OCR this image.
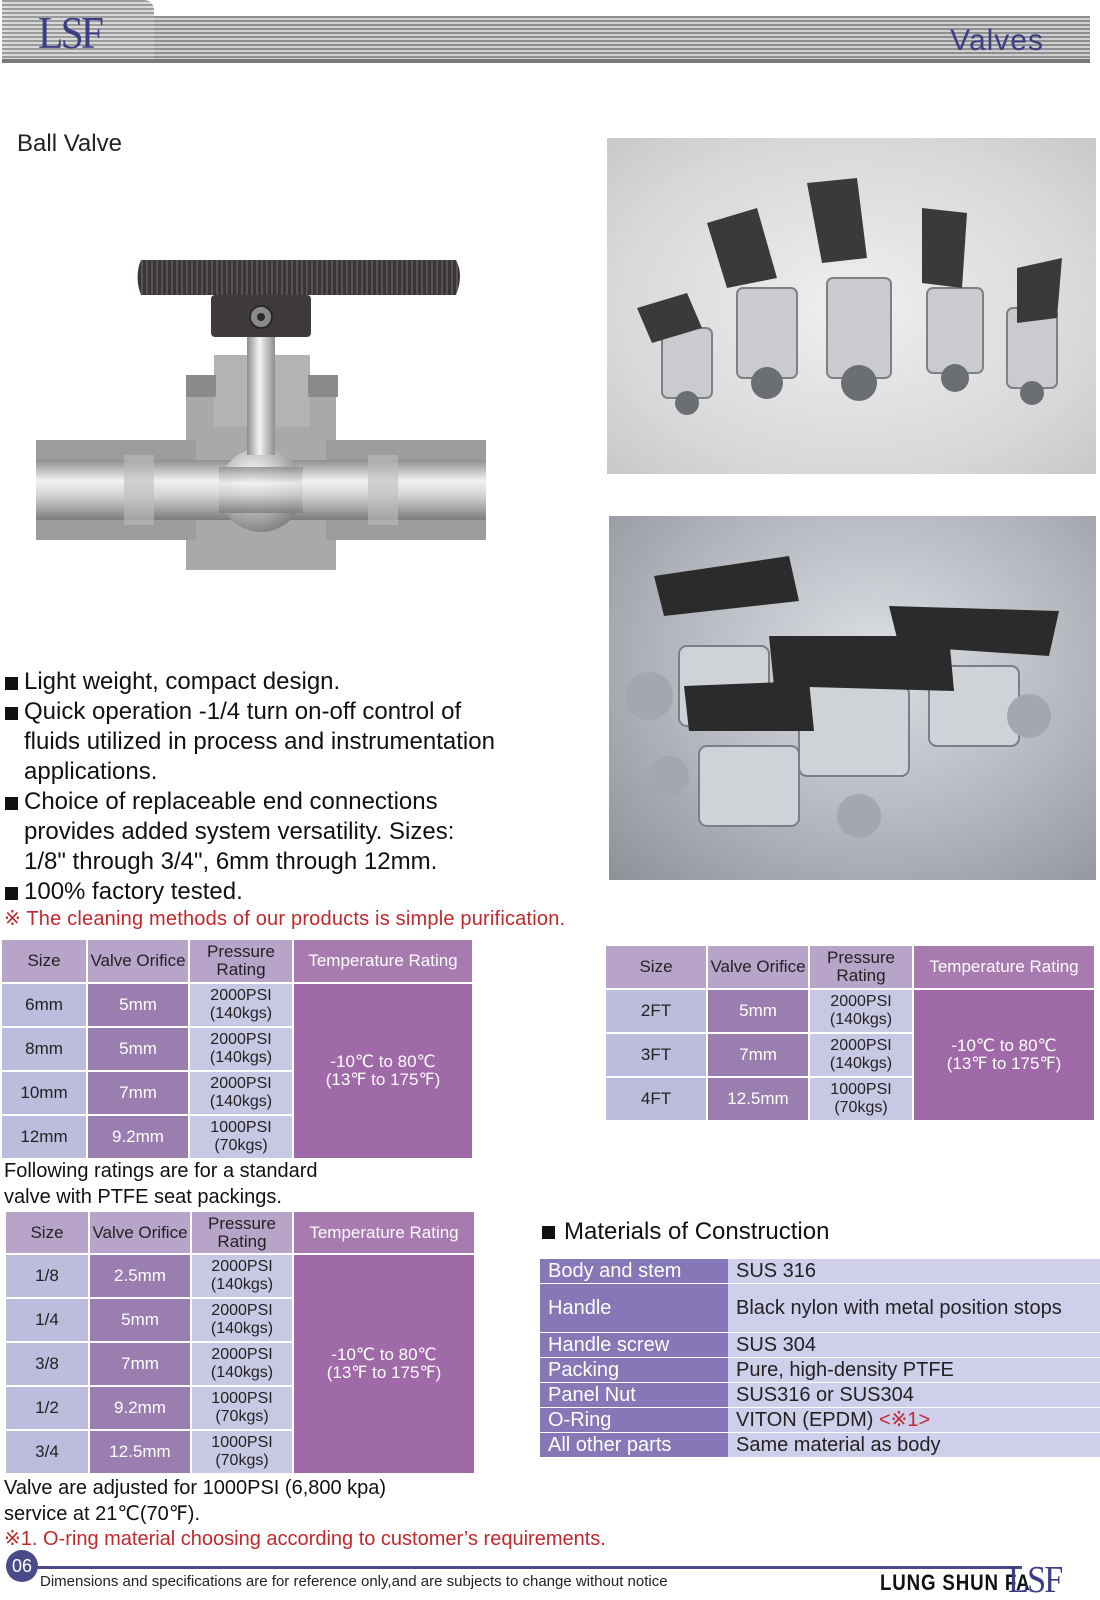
LSF	Valves
Ball Valve
Light weight, compact design.
Quick operation -1/4 turn on-off control of fluids utilized in process and instrumentation applications.
Choice of replaceable end connections provides added system versatility. Sizes: 1/8" through 3/4", 6mm through 12mm.
100% factory tested.
※ The cleaning methods of our products is simple purification.
Size	Valve Orifice	Pressure Rating	Temperature Rating
6mm	5mm	2000PSI (140kgs)	-10℃ to 80℃
(13℉ to 175℉)

8mm	5mm	2000PSI (140kgs)	
10mm	7mm	2000PSI (140kgs)	
12mm	9.2mm	1000PSI (70kgs)	
Size	Valve Orifice	Pressure Rating	Temperature Rating
2FT	5mm	2000PSI (140kgs)	-10℃ to 80℃
(13℉ to 175℉)

3FT	7mm	2000PSI (140kgs)	
4FT	12.5mm	1000PSI (70kgs)	
Following ratings are for a standard valve with PTFE seat packings.
Size	Valve Orifice	Pressure Rating	Temperature Rating
1/8	2.5mm	2000PSI (140kgs)	-10℃ to 80℃
(13℉ to 175℉)

1/4	5mm	2000PSI (140kgs)	
3/8	7mm	2000PSI (140kgs)	
1/2	9.2mm	1000PSI (70kgs)	
3/4	12.5mm	1000PSI (70kgs)	
Valve are adjusted for 1000PSI (6,800 kpa) service at 21℃(70℉).
Materials of Construction
Body and stem	SUS 316
Handle	Black nylon with metal position stops
Handle screw	SUS 304
Packing	Pure, high-density PTFE
Panel Nut	SUS316 or SUS304
O-Ring	VITON (EPDM) <※1>
All other parts	Same material as body
※1. O-ring material choosing according to customer’s requirements.
06
Dimensions and specifications are for reference only,and are subjects to change without notice	LUNG SHUN FA
LSF
